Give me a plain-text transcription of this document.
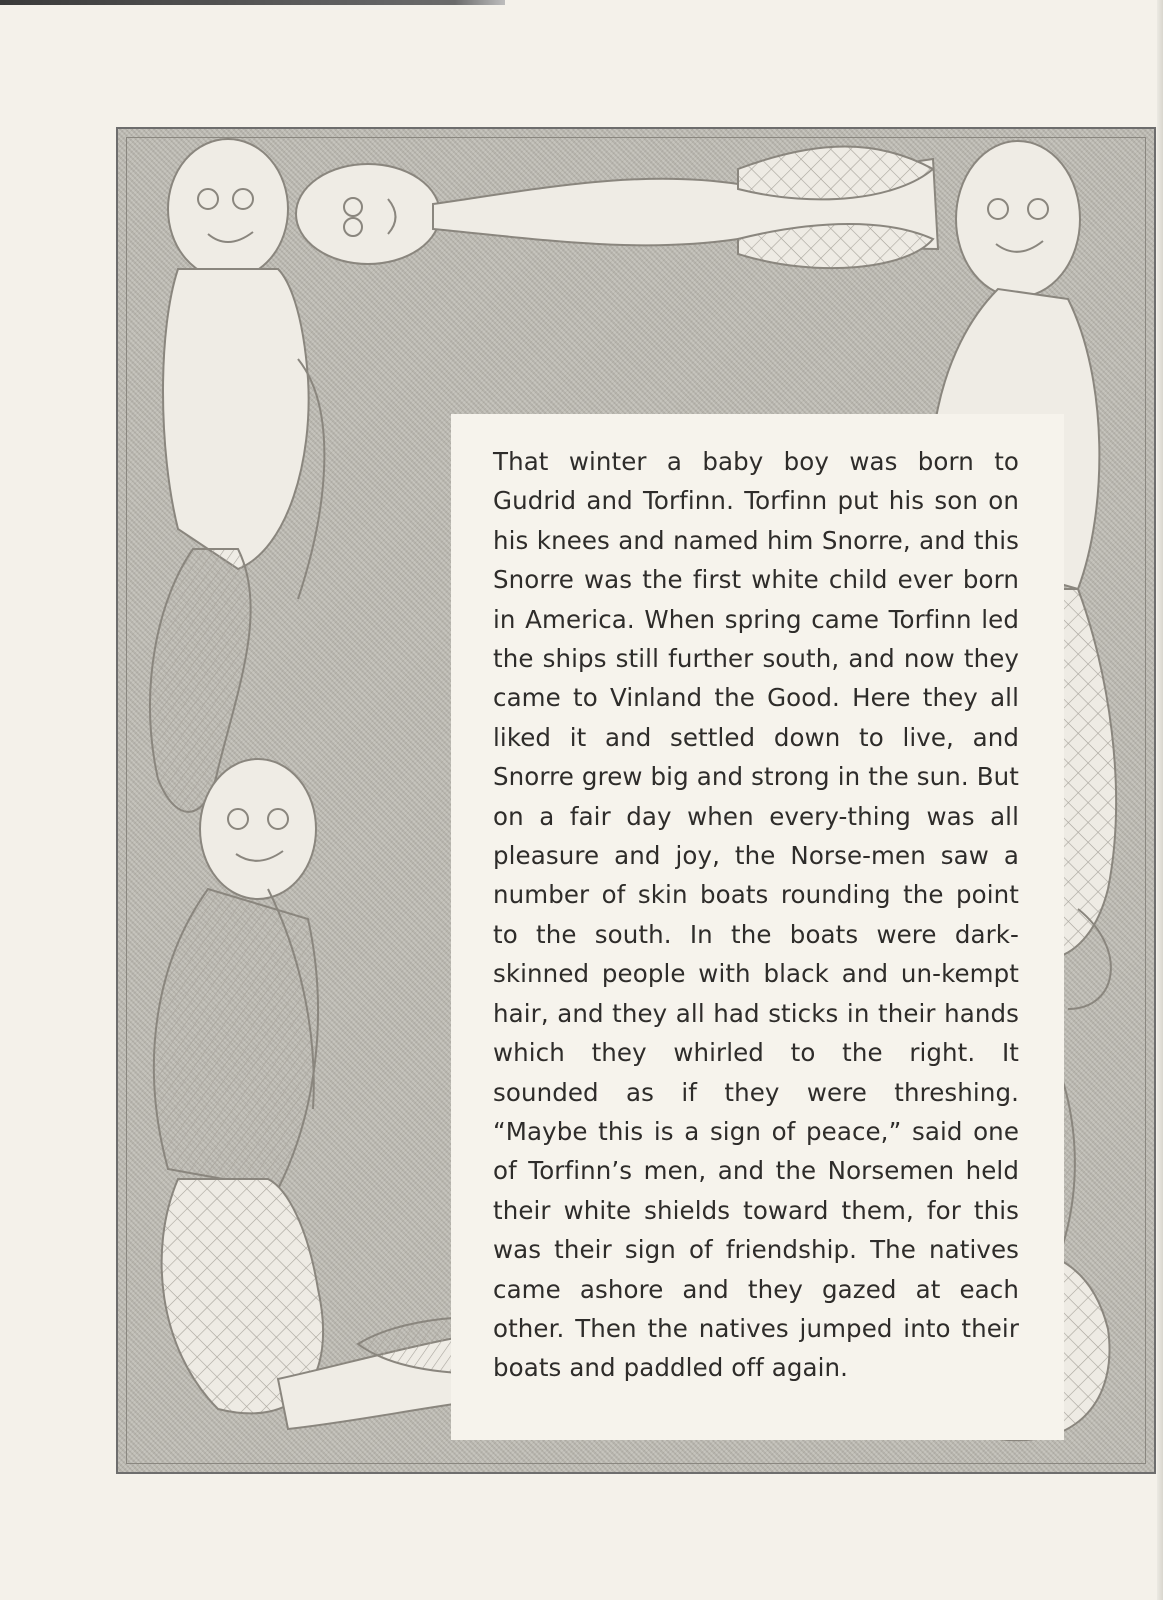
That winter a baby boy was born to Gudrid and Torfinn. Torfinn put his son on his knees and named him Snorre, and this Snorre was the first white child ever born in America. When spring came Torfinn led the ships still further south, and now they came to Vinland the Good. Here they all liked it and settled down to live, and Snorre grew big and strong in the sun. But on a fair day when every-thing was all pleasure and joy, the Norse-men saw a number of skin boats rounding the point to the south. In the boats were dark-skinned people with black and un-kempt hair, and they all had sticks in their hands which they whirled to the right. It sounded as if they were threshing. “Maybe this is a sign of peace,” said one of Torfinn’s men, and the Norsemen held their white shields toward them, for this was their sign of friendship. The natives came ashore and they gazed at each other. Then the natives jumped into their boats and paddled off again.
